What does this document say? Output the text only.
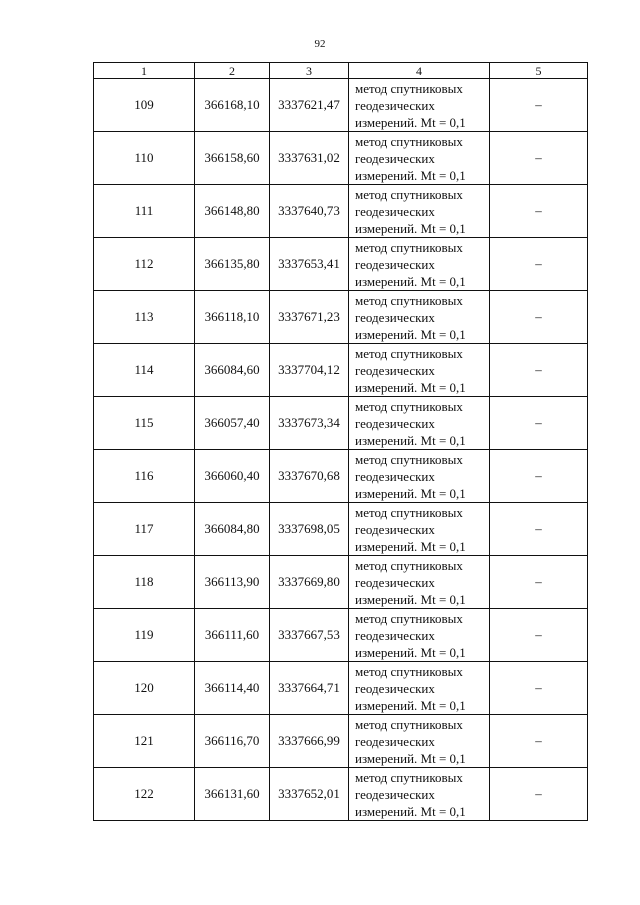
92
1	2	3	4	5
109	366168,10	3337621,47	метод спутниковых
геодезических
измерений. Mt = 0,1	–
110	366158,60	3337631,02	метод спутниковых
геодезических
измерений. Mt = 0,1	–
111	366148,80	3337640,73	метод спутниковых
геодезических
измерений. Mt = 0,1	–
112	366135,80	3337653,41	метод спутниковых
геодезических
измерений. Mt = 0,1	–
113	366118,10	3337671,23	метод спутниковых
геодезических
измерений. Mt = 0,1	–
114	366084,60	3337704,12	метод спутниковых
геодезических
измерений. Mt = 0,1	–
115	366057,40	3337673,34	метод спутниковых
геодезических
измерений. Mt = 0,1	–
116	366060,40	3337670,68	метод спутниковых
геодезических
измерений. Mt = 0,1	–
117	366084,80	3337698,05	метод спутниковых
геодезических
измерений. Mt = 0,1	–
118	366113,90	3337669,80	метод спутниковых
геодезических
измерений. Mt = 0,1	–
119	366111,60	3337667,53	метод спутниковых
геодезических
измерений. Mt = 0,1	–
120	366114,40	3337664,71	метод спутниковых
геодезических
измерений. Mt = 0,1	–
121	366116,70	3337666,99	метод спутниковых
геодезических
измерений. Mt = 0,1	–
122	366131,60	3337652,01	метод спутниковых
геодезических
измерений. Mt = 0,1	–
